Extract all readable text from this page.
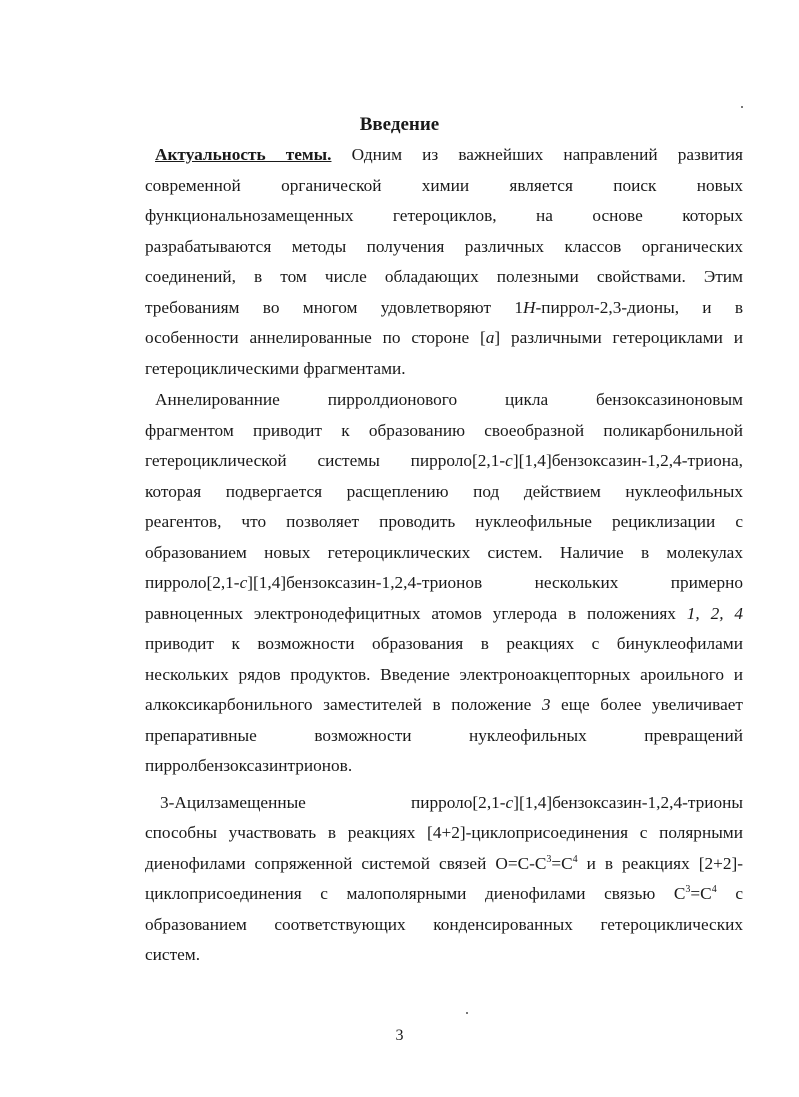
Введение
Актуальность темы. Одним из важнейших направлений развития
современной органической химии является поиск новых
функциональнозамещенных гетероциклов, на основе которых
разрабатываются методы получения различных классов органических
соединений, в том числе обладающих полезными свойствами. Этим
требованиям во многом удовлетворяют 1H-пиррол-2,3-дионы, и в
особенности аннелированные по стороне [a] различными гетероциклами и
гетероциклическими фрагментами.
Аннелированние пирролдионового цикла бензоксазиноновым
фрагментом приводит к образованию своеобразной поликарбонильной
гетероциклической системы пирроло[2,1-c][1,4]бензоксазин-1,2,4-триона,
которая подвергается расщеплению под действием нуклеофильных
реагентов, что позволяет проводить нуклеофильные рециклизации с
образованием новых гетероциклических систем. Наличие в молекулах
пирроло[2,1-c][1,4]бензоксазин-1,2,4-трионов нескольких примерно
равноценных электронодефицитных атомов углерода в положениях 1, 2, 4
приводит к возможности образования в реакциях с бинуклеофилами
нескольких рядов продуктов. Введение электроноакцепторных ароильного и
алкоксикарбонильного заместителей в положение 3 еще более увеличивает
препаративные возможности нуклеофильных превращений
пирролбензоксазинтрионов.
3-Ацилзамещенные пирроло[2,1-c][1,4]бензоксазин-1,2,4-трионы
способны участвовать в реакциях [4+2]-циклоприсоединения с полярными
диенофилами сопряженной системой связей $O=C-C^3=C^4$ и в реакциях [2+2]-
циклоприсоединения с малополярными диенофилами связью $C^3=C^4$ с
образованием соответствующих конденсированных гетероциклических
систем.
3
